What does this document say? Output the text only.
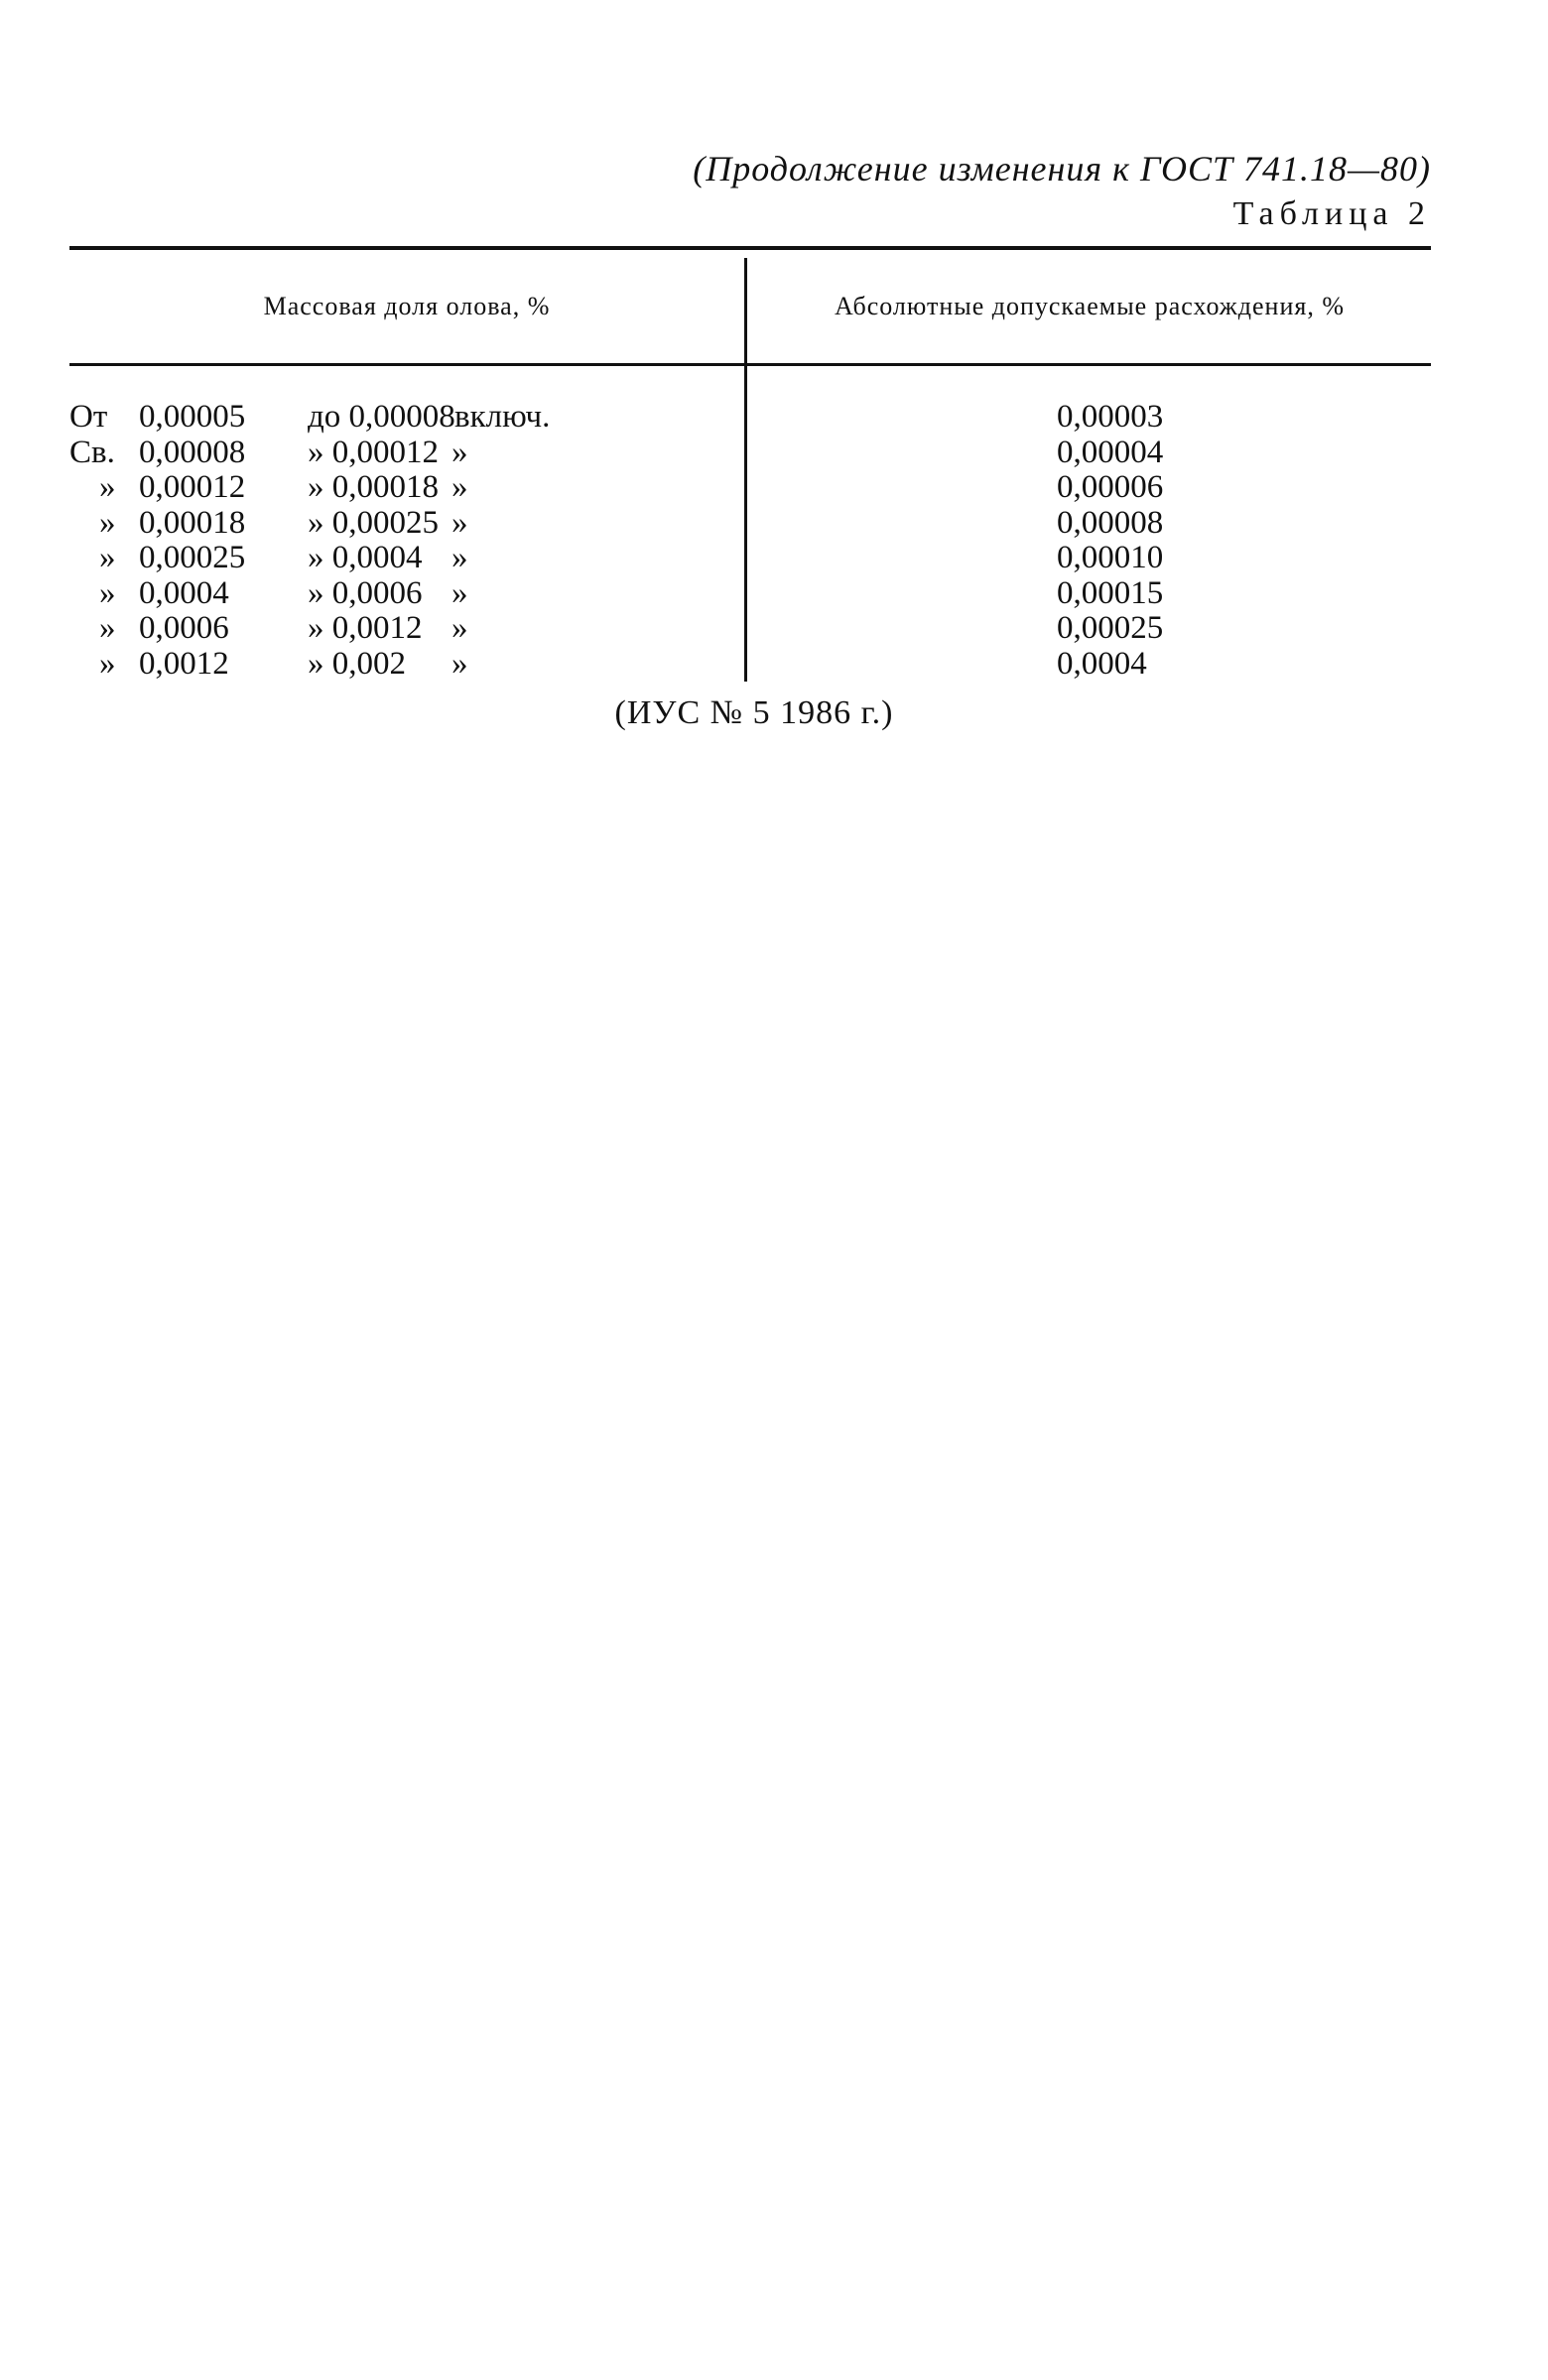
(Продолжение изменения к ГОСТ 741.18—80)
Таблица 2
Массовая доля олова, %	Абсолютные допускаемые расхождения, %
От 0,00005 до 0,00008 включ.	0,00003
Св. 0,00008 » 0,00012 »	0,00004
» 0,00012 » 0,00018 »	0,00006
» 0,00018 » 0,00025 »	0,00008
» 0,00025 » 0,0004 »	0,00010
» 0,0004 » 0,0006 »	0,00015
» 0,0006 » 0,0012 »	0,00025
» 0,0012 » 0,002 »	0,0004
(ИУС № 5 1986 г.)
